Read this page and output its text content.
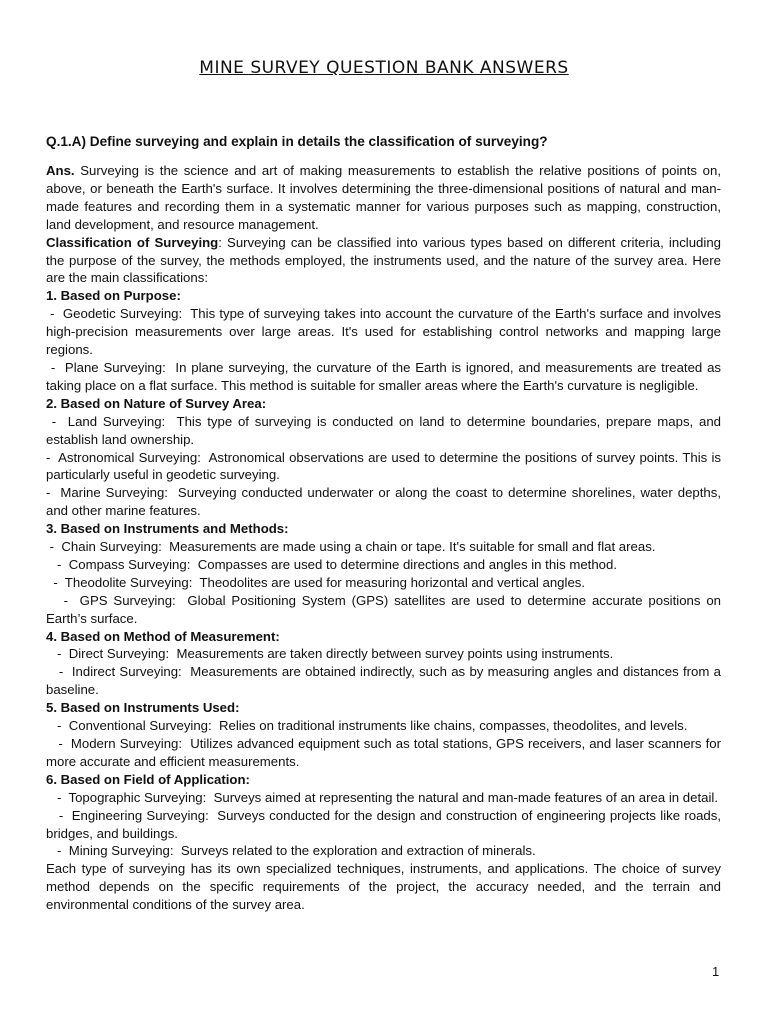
MINE SURVEY QUESTION BANK ANSWERS
Q.1.A) Define surveying and explain in details the classification of surveying?

Ans. Surveying is the science and art of making measurements to establish the relative positions of points on, above, or beneath the Earth's surface. It involves determining the three-dimensional positions of natural and man-made features and recording them in a systematic manner for various purposes such as mapping, construction, land development, and resource management.

Classification of Surveying: Surveying can be classified into various types based on different criteria, including the purpose of the survey, the methods employed, the instruments used, and the nature of the survey area. Here are the main classifications:

1. Based on Purpose:

-  Geodetic Surveying:  This type of surveying takes into account the curvature of the Earth's surface and involves high-precision measurements over large areas. It's used for establishing control networks and mapping large regions.

-  Plane Surveying:  In plane surveying, the curvature of the Earth is ignored, and measurements are treated as taking place on a flat surface. This method is suitable for smaller areas where the Earth's curvature is negligible.

2. Based on Nature of Survey Area:

-  Land Surveying:  This type of surveying is conducted on land to determine boundaries, prepare maps, and establish land ownership.

-  Astronomical Surveying:  Astronomical observations are used to determine the positions of survey points. This is particularly useful in geodetic surveying.

-  Marine Surveying:  Surveying conducted underwater or along the coast to determine shorelines, water depths, and other marine features.

3. Based on Instruments and Methods:

-  Chain Surveying:  Measurements are made using a chain or tape. It's suitable for small and flat areas.

-  Compass Surveying:  Compasses are used to determine directions and angles in this method.

-  Theodolite Surveying:  Theodolites are used for measuring horizontal and vertical angles.

-  GPS Surveying:  Global Positioning System (GPS) satellites are used to determine accurate positions on Earth’s surface.

4. Based on Method of Measurement:

-  Direct Surveying:  Measurements are taken directly between survey points using instruments.

-  Indirect Surveying:  Measurements are obtained indirectly, such as by measuring angles and distances from a baseline.

5. Based on Instruments Used:

-  Conventional Surveying:  Relies on traditional instruments like chains, compasses, theodolites, and levels.

-  Modern Surveying:  Utilizes advanced equipment such as total stations, GPS receivers, and laser scanners for more accurate and efficient measurements.

6. Based on Field of Application:

-  Topographic Surveying:  Surveys aimed at representing the natural and man-made features of an area in detail.

-  Engineering Surveying:  Surveys conducted for the design and construction of engineering projects like roads, bridges, and buildings.

-  Mining Surveying:  Surveys related to the exploration and extraction of minerals.

Each type of surveying has its own specialized techniques, instruments, and applications. The choice of survey method depends on the specific requirements of the project, the accuracy needed, and the terrain and environmental conditions of the survey area.

1
